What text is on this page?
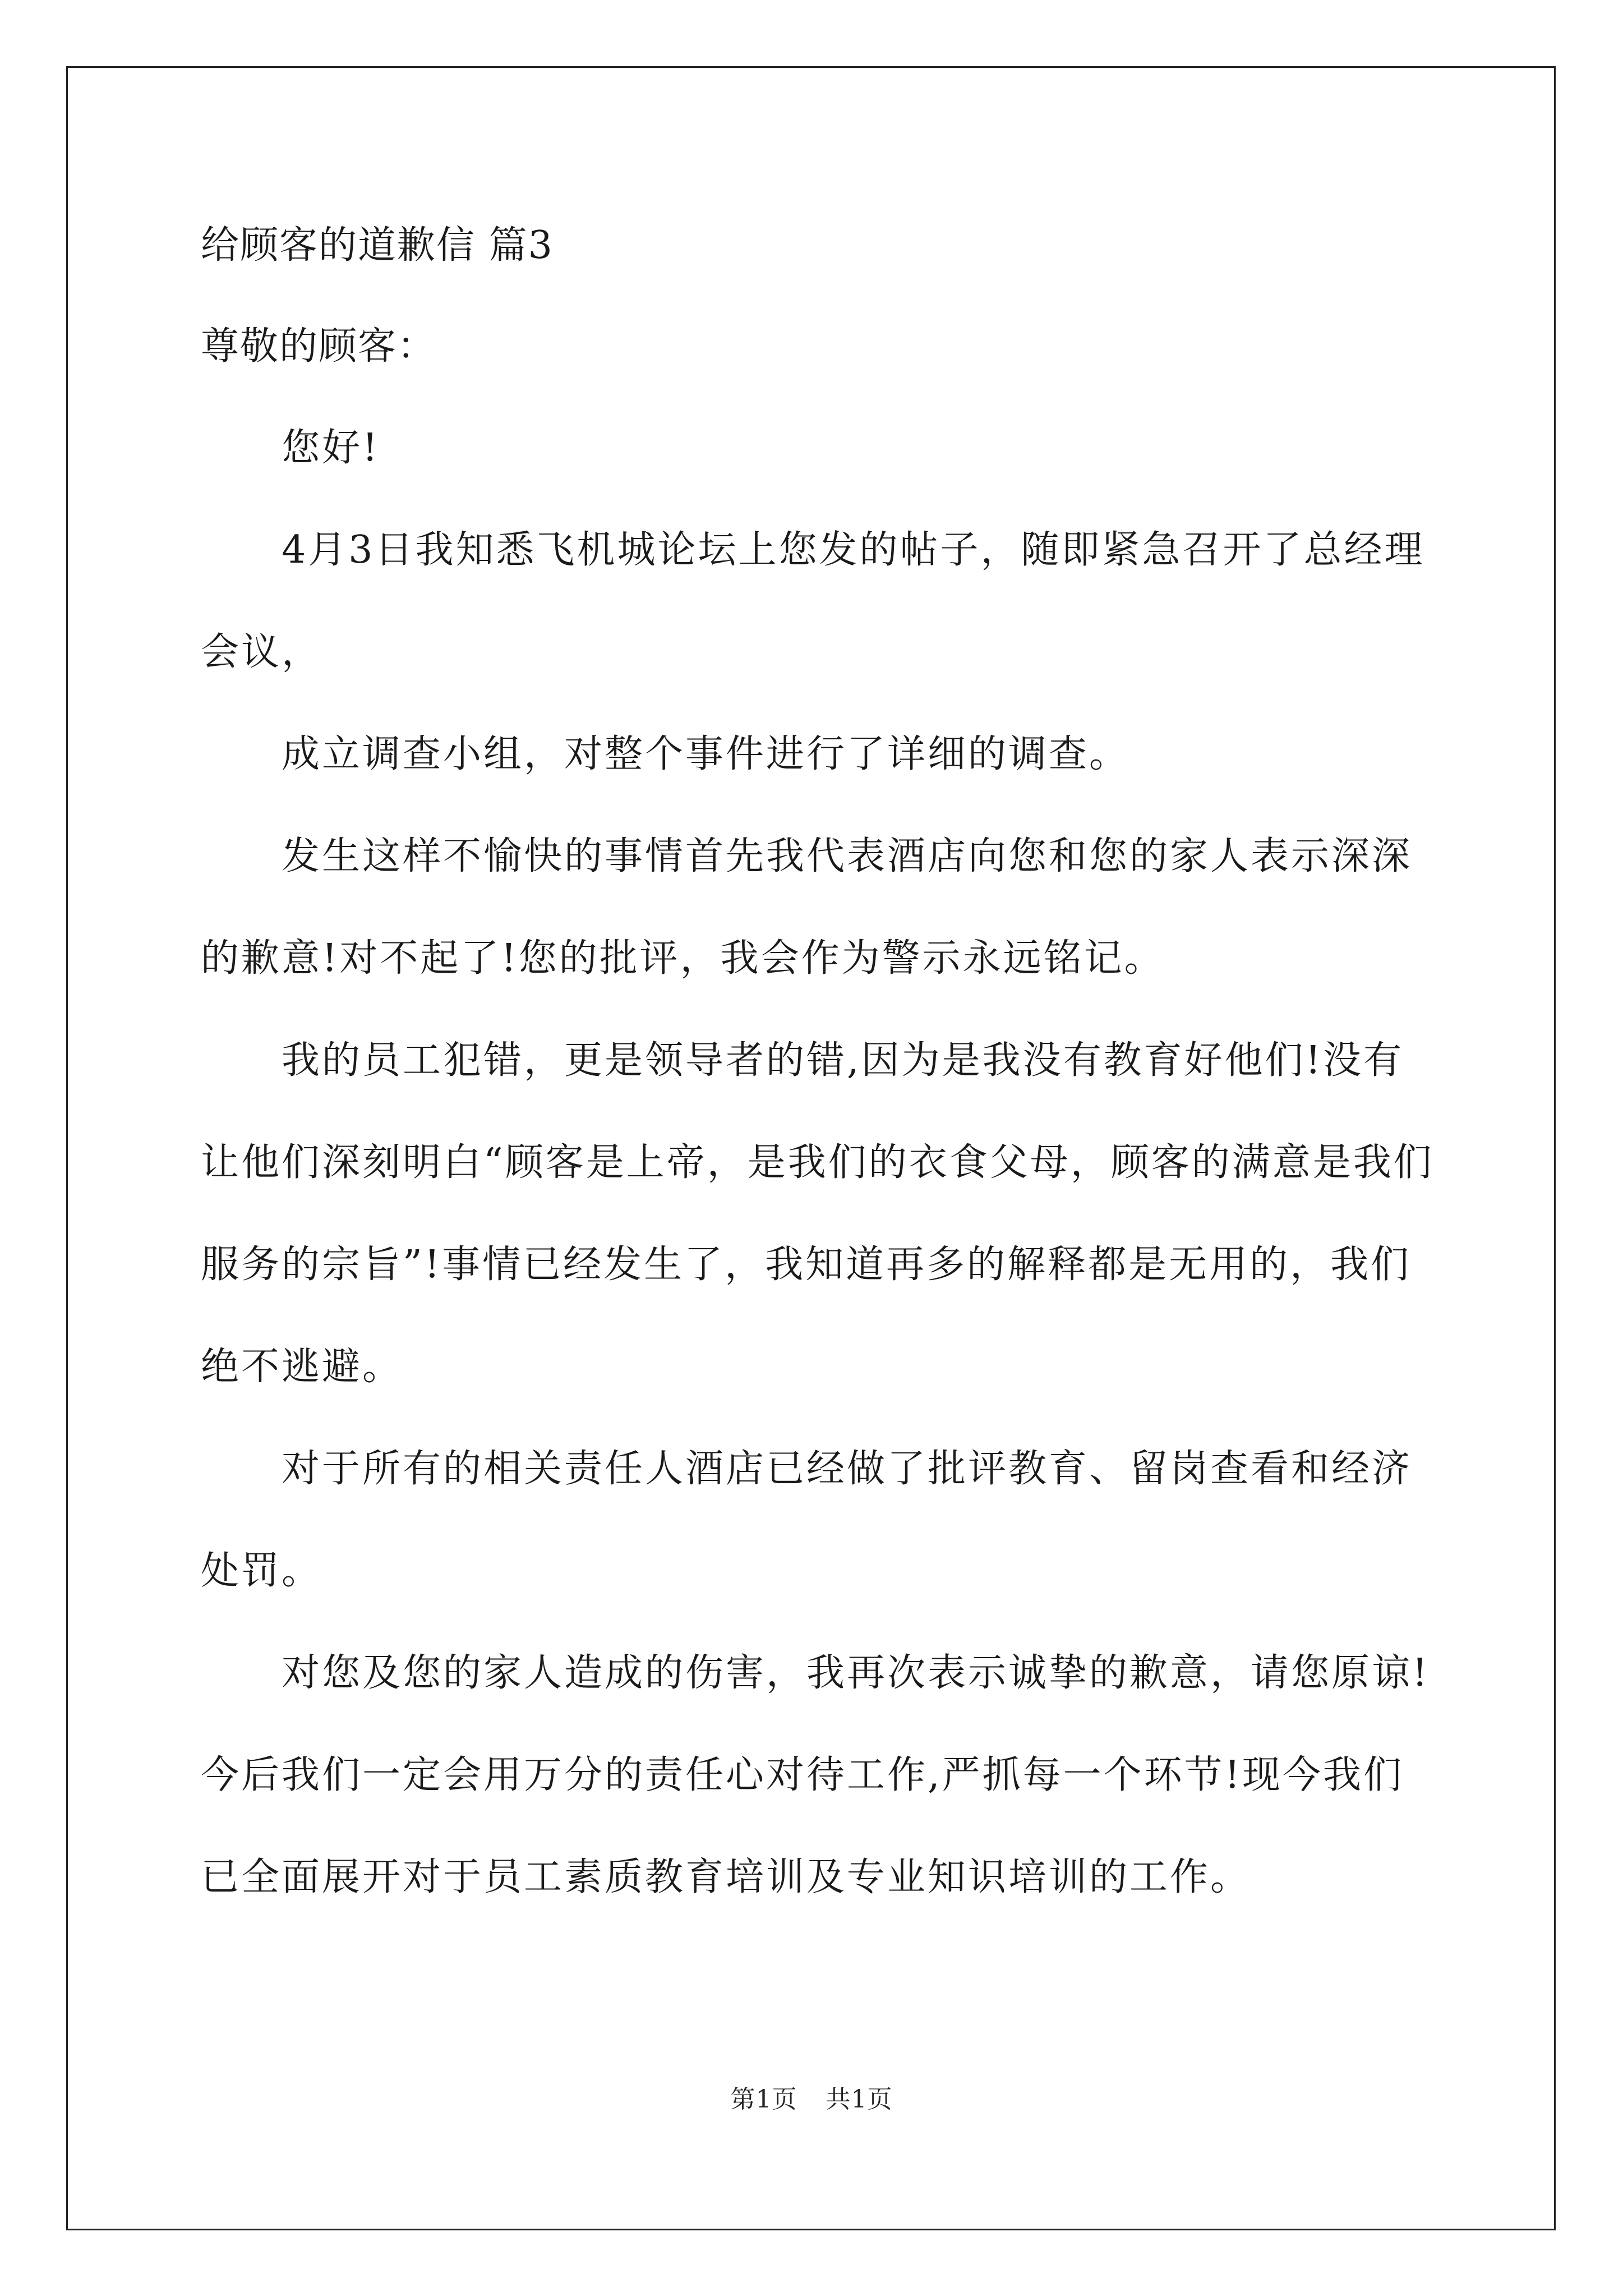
给顾客的道歉信 篇3

尊敬的顾客：

您好!

4月3日我知悉飞机城论坛上您发的帖子，随即紧急召开了总经理会议，

成立调查小组，对整个事件进行了详细的调查。

发生这样不愉快的事情首先我代表酒店向您和您的家人表示深深的歉意!对不起了!您的批评，我会作为警示永远铭记。

我的员工犯错，更是领导者的错,因为是我没有教育好他们!没有让他们深刻明白“顾客是上帝，是我们的衣食父母，顾客的满意是我们服务的宗旨”!事情已经发生了，我知道再多的解释都是无用的，我们绝不逃避。

对于所有的相关责任人酒店已经做了批评教育、留岗查看和经济处罚。

对您及您的家人造成的伤害，我再次表示诚挚的歉意，请您原谅!今后我们一定会用万分的责任心对待工作,严抓每一个环节!现今我们已全面展开对于员工素质教育培训及专业知识培训的工作。

第1页 共1页
